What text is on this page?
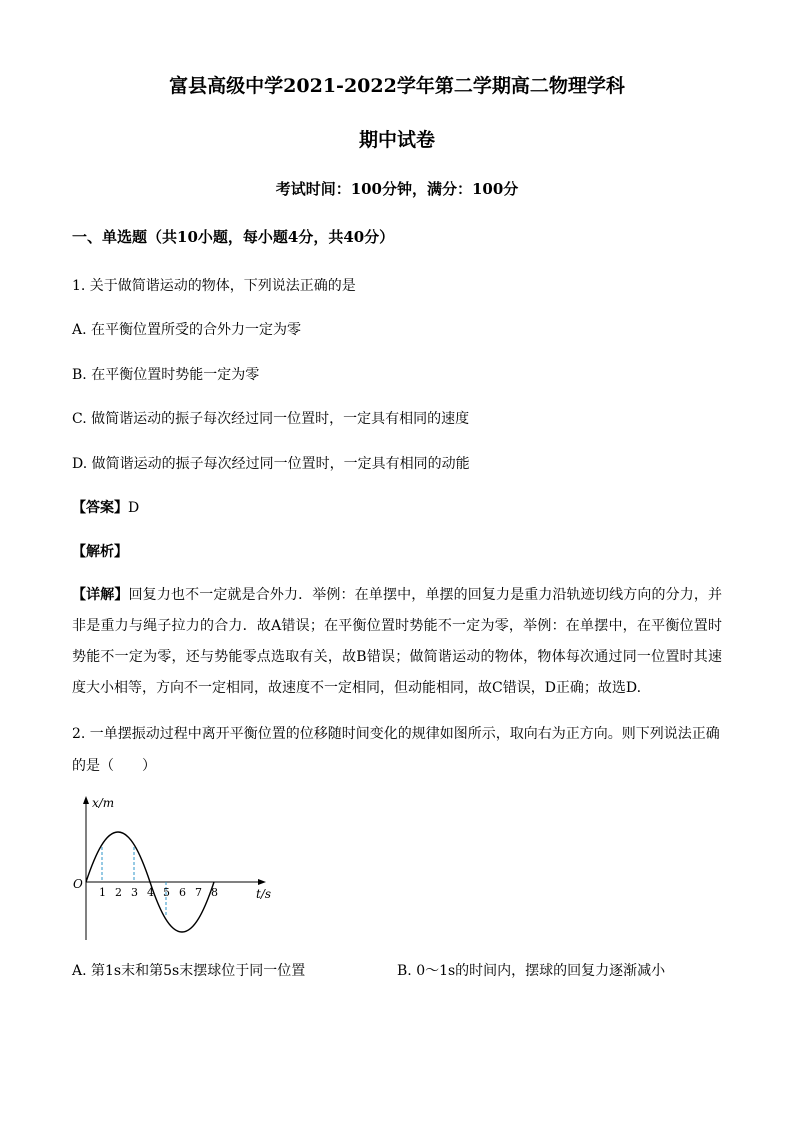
富县高级中学2021-2022学年第二学期高二物理学科
期中试卷
考试时间：100分钟，满分：100分
一、单选题（共10小题，每小题4分，共40分）
1. 关于做简谐运动的物体，下列说法正确的是
A. 在平衡位置所受的合外力一定为零
B. 在平衡位置时势能一定为零
C. 做简谐运动的振子每次经过同一位置时，一定具有相同的速度
D. 做简谐运动的振子每次经过同一位置时，一定具有相同的动能
【答案】D
【解析】
【详解】回复力也不一定就是合外力．举例：在单摆中，单摆的回复力是重力沿轨迹切线方向的分力，并非是重力与绳子拉力的合力．故A错误；在平衡位置时势能不一定为零，举例：在单摆中，在平衡位置时势能不一定为零，还与势能零点选取有关，故B错误；做简谐运动的物体，物体每次通过同一位置时其速度大小相等，方向不一定相同，故速度不一定相同，但动能相同，故C错误，D正确；故选D.
2. 一单摆振动过程中离开平衡位置的位移随时间变化的规律如图所示，取向右为正方向。则下列说法正确
的是（　　）
x/m
t/s
O
1 2 3 4 5 6 7 8
A. 第1s末和第5s末摆球位于同一位置	B. 0～1s的时间内，摆球的回复力逐渐减小
